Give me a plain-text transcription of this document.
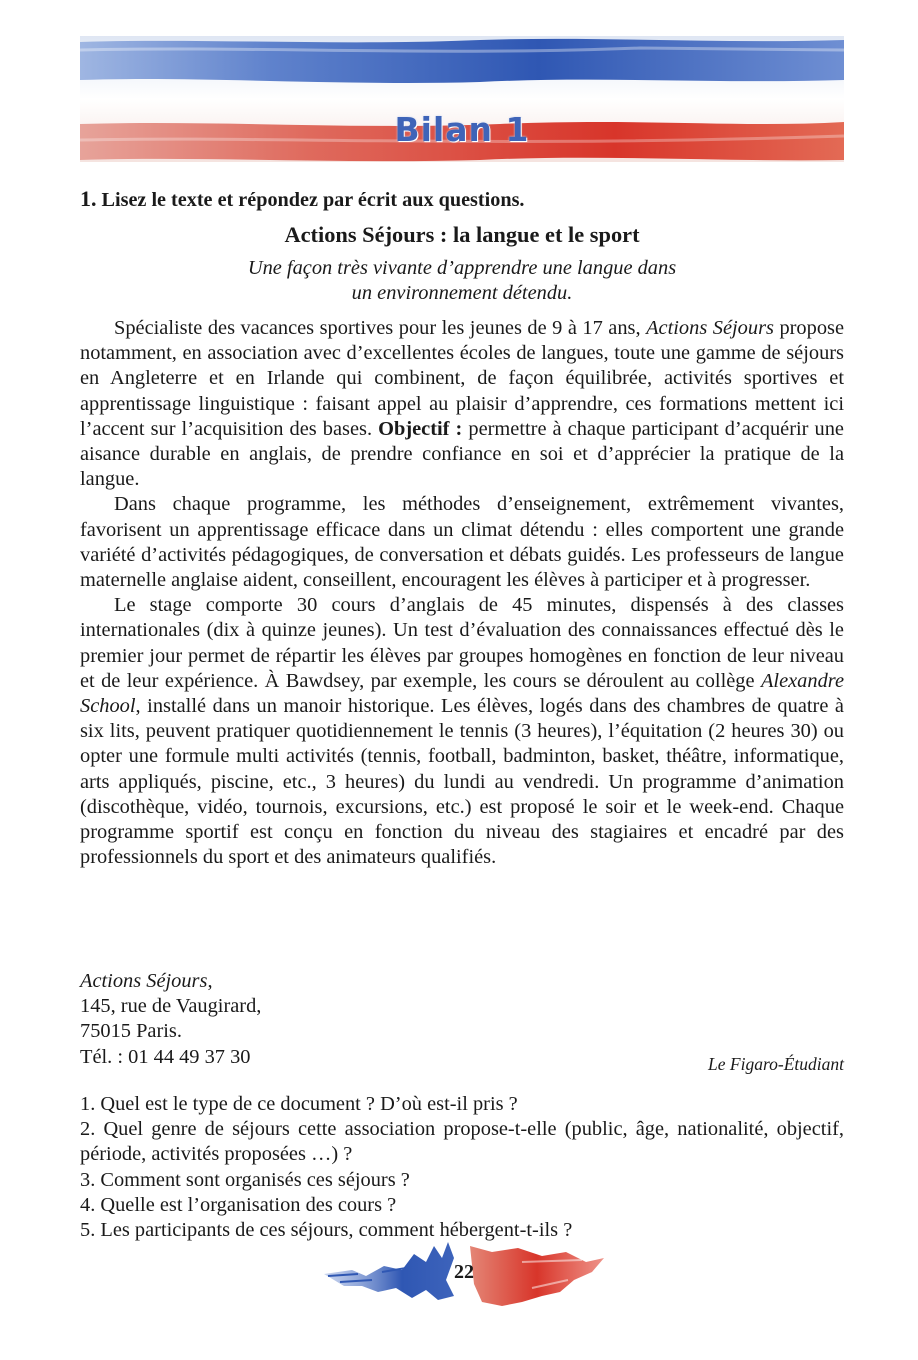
Bilan 1
1. Lisez le texte et répondez par écrit aux questions.
Actions Séjours : la langue et le sport
Une façon très vivante d’apprendre une langue dans
un environnement détendu.

Spécialiste des vacances sportives pour les jeunes de 9 à 17 ans, Actions Séjours propose notamment, en association avec d’excellentes écoles de langues, toute une gamme de séjours en Angleterre et en Irlande qui combinent, de façon équilibrée, activités sportives et apprentissage linguistique : faisant appel au plaisir d’apprendre, ces formations mettent ici l’accent sur l’acquisition des bases. Objectif : permettre à chaque participant d’acquérir une aisance durable en anglais, de prendre confiance en soi et d’apprécier la pratique de la langue.

Dans chaque programme, les méthodes d’enseignement, extrêmement vivantes, favorisent un apprentissage efficace dans un climat détendu : elles comportent une grande variété d’activités pédagogiques, de conversation et débats guidés. Les professeurs de langue maternelle anglaise aident, conseillent, encouragent les élèves à participer et à progresser.

Le stage comporte 30 cours d’anglais de 45 minutes, dispensés à des classes internationales (dix à quinze jeunes). Un test d’évaluation des connaissances effectué dès le premier jour permet de répartir les élèves par groupes homogènes en fonction de leur niveau et de leur expérience. À Bawdsey, par exemple, les cours se déroulent au collège Alexandre School, installé dans un manoir historique. Les élèves, logés dans des chambres de quatre à six lits, peuvent pratiquer quotidiennement le tennis (3 heures), l’équitation (2 heures 30) ou opter une formule multi activités (tennis, football, badminton, basket, théâtre, informatique, arts appliqués, piscine, etc., 3 heures) du lundi au vendredi. Un programme d’animation (discothèque, vidéo, tournois, excursions, etc.) est proposé le soir et le week-end. Chaque programme sportif est conçu en fonction du niveau des stagiaires et encadré par des professionnels du sport et des animateurs qualifiés.

Actions Séjours,
145, rue de Vaugirard,
75015 Paris.
Tél. : 01 44 49 37 30	Le Figaro-Étudiant
1. Quel est le type de ce document ? D’où est-il pris ?
2. Quel genre de séjours cette association propose-t-elle (public, âge, nationalité, objectif, période, activités proposées …) ?
3. Comment sont organisés ces séjours ?
4. Quelle est l’organisation des cours ?
5. Les participants de ces séjours, comment hébergent-t-ils ?
22
